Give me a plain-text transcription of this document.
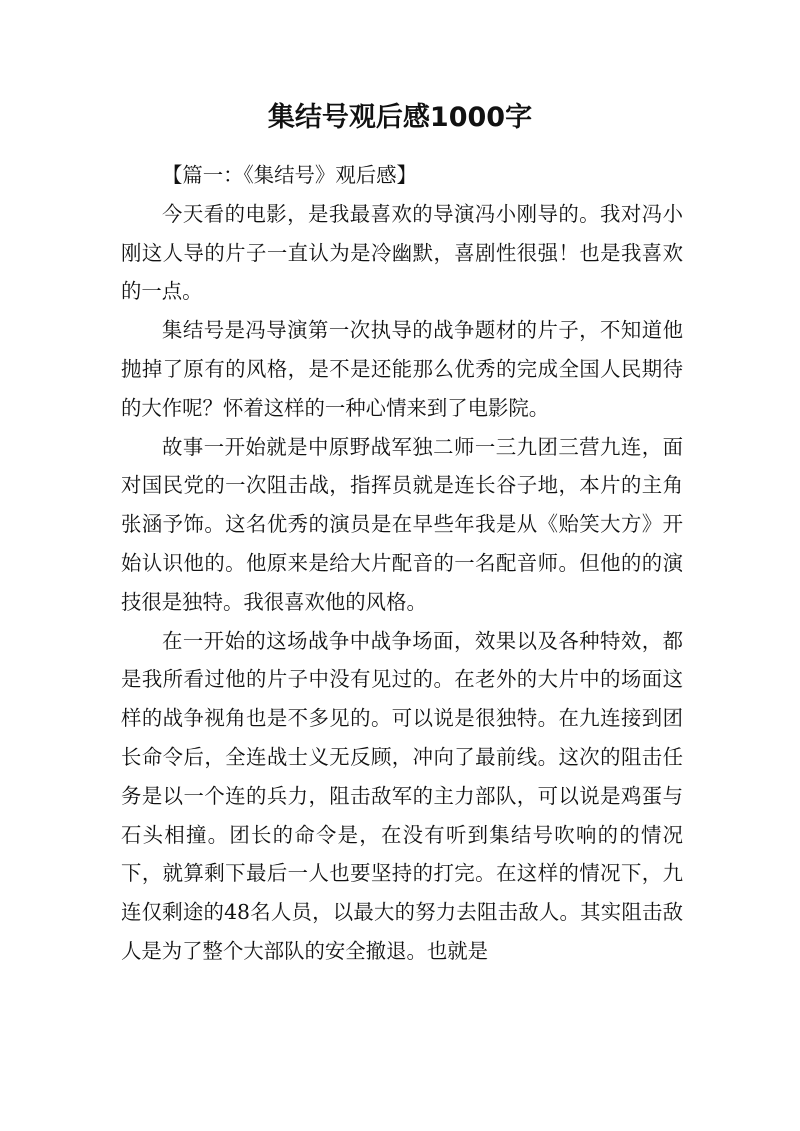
集结号观后感1000字

【篇一：《集结号》观后感】

今天看的电影，是我最喜欢的导演冯小刚导的。我对冯小刚这人导的片子一直认为是冷幽默，喜剧性很强！也是我喜欢的一点。

集结号是冯导演第一次执导的战争题材的片子，不知道他抛掉了原有的风格，是不是还能那么优秀的完成全国人民期待的大作呢？怀着这样的一种心情来到了电影院。

故事一开始就是中原野战军独二师一三九团三营九连，面对国民党的一次阻击战，指挥员就是连长谷子地，本片的主角张涵予饰。这名优秀的演员是在早些年我是从《贻笑大方》开始认识他的。他原来是给大片配音的一名配音师。但他的的演技很是独特。我很喜欢他的风格。

在一开始的这场战争中战争场面，效果以及各种特效，都是我所看过他的片子中没有见过的。在老外的大片中的场面这样的战争视角也是不多见的。可以说是很独特。在九连接到团长命令后，全连战士义无反顾，冲向了最前线。这次的阻击任务是以一个连的兵力，阻击敌军的主力部队，可以说是鸡蛋与石头相撞。团长的命令是，在没有听到集结号吹响的的情况下，就算剩下最后一人也要坚持的打完。在这样的情况下，九连仅剩途的48名人员，以最大的努力去阻击敌人。其实阻击敌人是为了整个大部队的安全撤退。也就是
